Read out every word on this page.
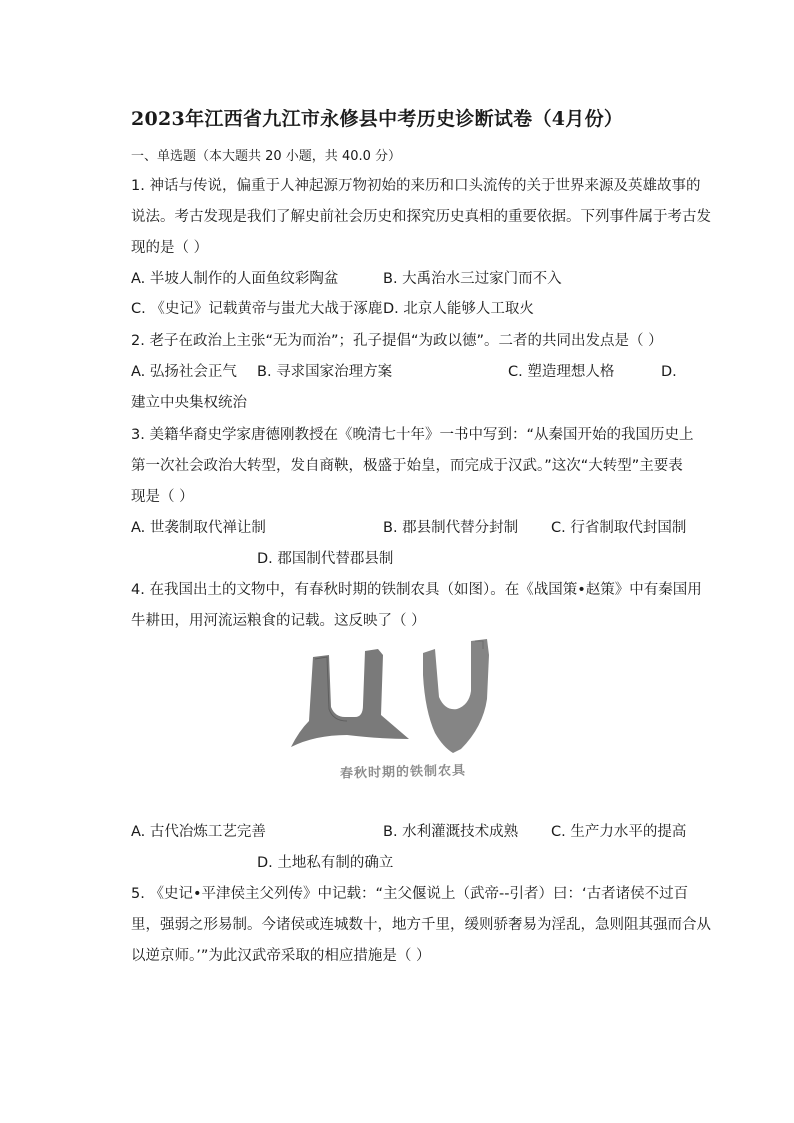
2023年江西省九江市永修县中考历史诊断试卷（4月份）
一、单选题（本大题共 20 小题，共 40.0 分）
1. 神话与传说，偏重于人神起源万物初始的来历和口头流传的关于世界来源及英雄故事的
说法。考古发现是我们了解史前社会历史和探究历史真相的重要依据。下列事件属于考古发
现的是（ ）
A. 半坡人制作的人面鱼纹彩陶盆	B. 大禹治水三过家门而不入
C. 《史记》记载黄帝与蚩尤大战于涿鹿 D. 北京人能够人工取火
2. 老子在政治上主张“无为而治”；孔子提倡“为政以德”。二者的共同出发点是（ ）
A. 弘扬社会正气 B. 寻求国家治理方案	C. 塑造理想人格	D.
建立中央集权统治
3. 美籍华裔史学家唐德刚教授在《晚清七十年》一书中写到：“从秦国开始的我国历史上
第一次社会政治大转型，发自商鞅，极盛于始皇，而完成于汉武。”这次“大转型”主要表
现是（ ）
A. 世袭制取代禅让制	B. 郡县制代替分封制 C. 行省制取代封国制
D. 郡国制代替郡县制
4. 在我国出土的文物中，有春秋时期的铁制农具（如图）。在《战国策•赵策》中有秦国用
牛耕田，用河流运粮食的记载。这反映了（ ）
春秋时期的铁制农具
A. 古代冶炼工艺完善	B. 水利灌溉技术成熟 C. 生产力水平的提高
D. 土地私有制的确立
5. 《史记•平津侯主父列传》中记载：“主父偃说上（武帝--引者）曰：‘古者诸侯不过百
里，强弱之形易制。今诸侯或连城数十，地方千里，缓则骄奢易为淫乱，急则阻其强而合从
以逆京师。’”为此汉武帝采取的相应措施是（ ）
